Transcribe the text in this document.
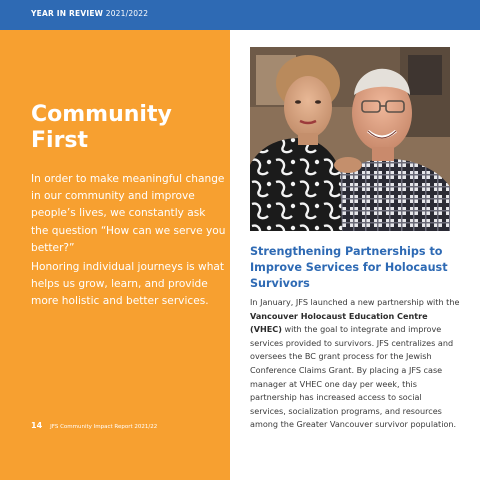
YEAR IN REVIEW 2021/2022
Community
First
In order to make meaningful change in our community and improve people’s lives, we constantly ask the question “How can we serve you better?”
Honoring individual journeys is what helps us grow, learn, and provide more holistic and better services.
14 JFS Community Impact Report 2021/22
Strengthening Partnerships to Improve Services for Holocaust Survivors
In January, JFS launched a new partnership with the Vancouver Holocaust Education Centre (VHEC) with the goal to integrate and improve services provided to survivors. JFS centralizes and oversees the BC grant process for the Jewish Conference Claims Grant. By placing a JFS case manager at VHEC one day per week, this partnership has increased access to social services, socialization programs, and resources among the Greater Vancouver survivor population.
